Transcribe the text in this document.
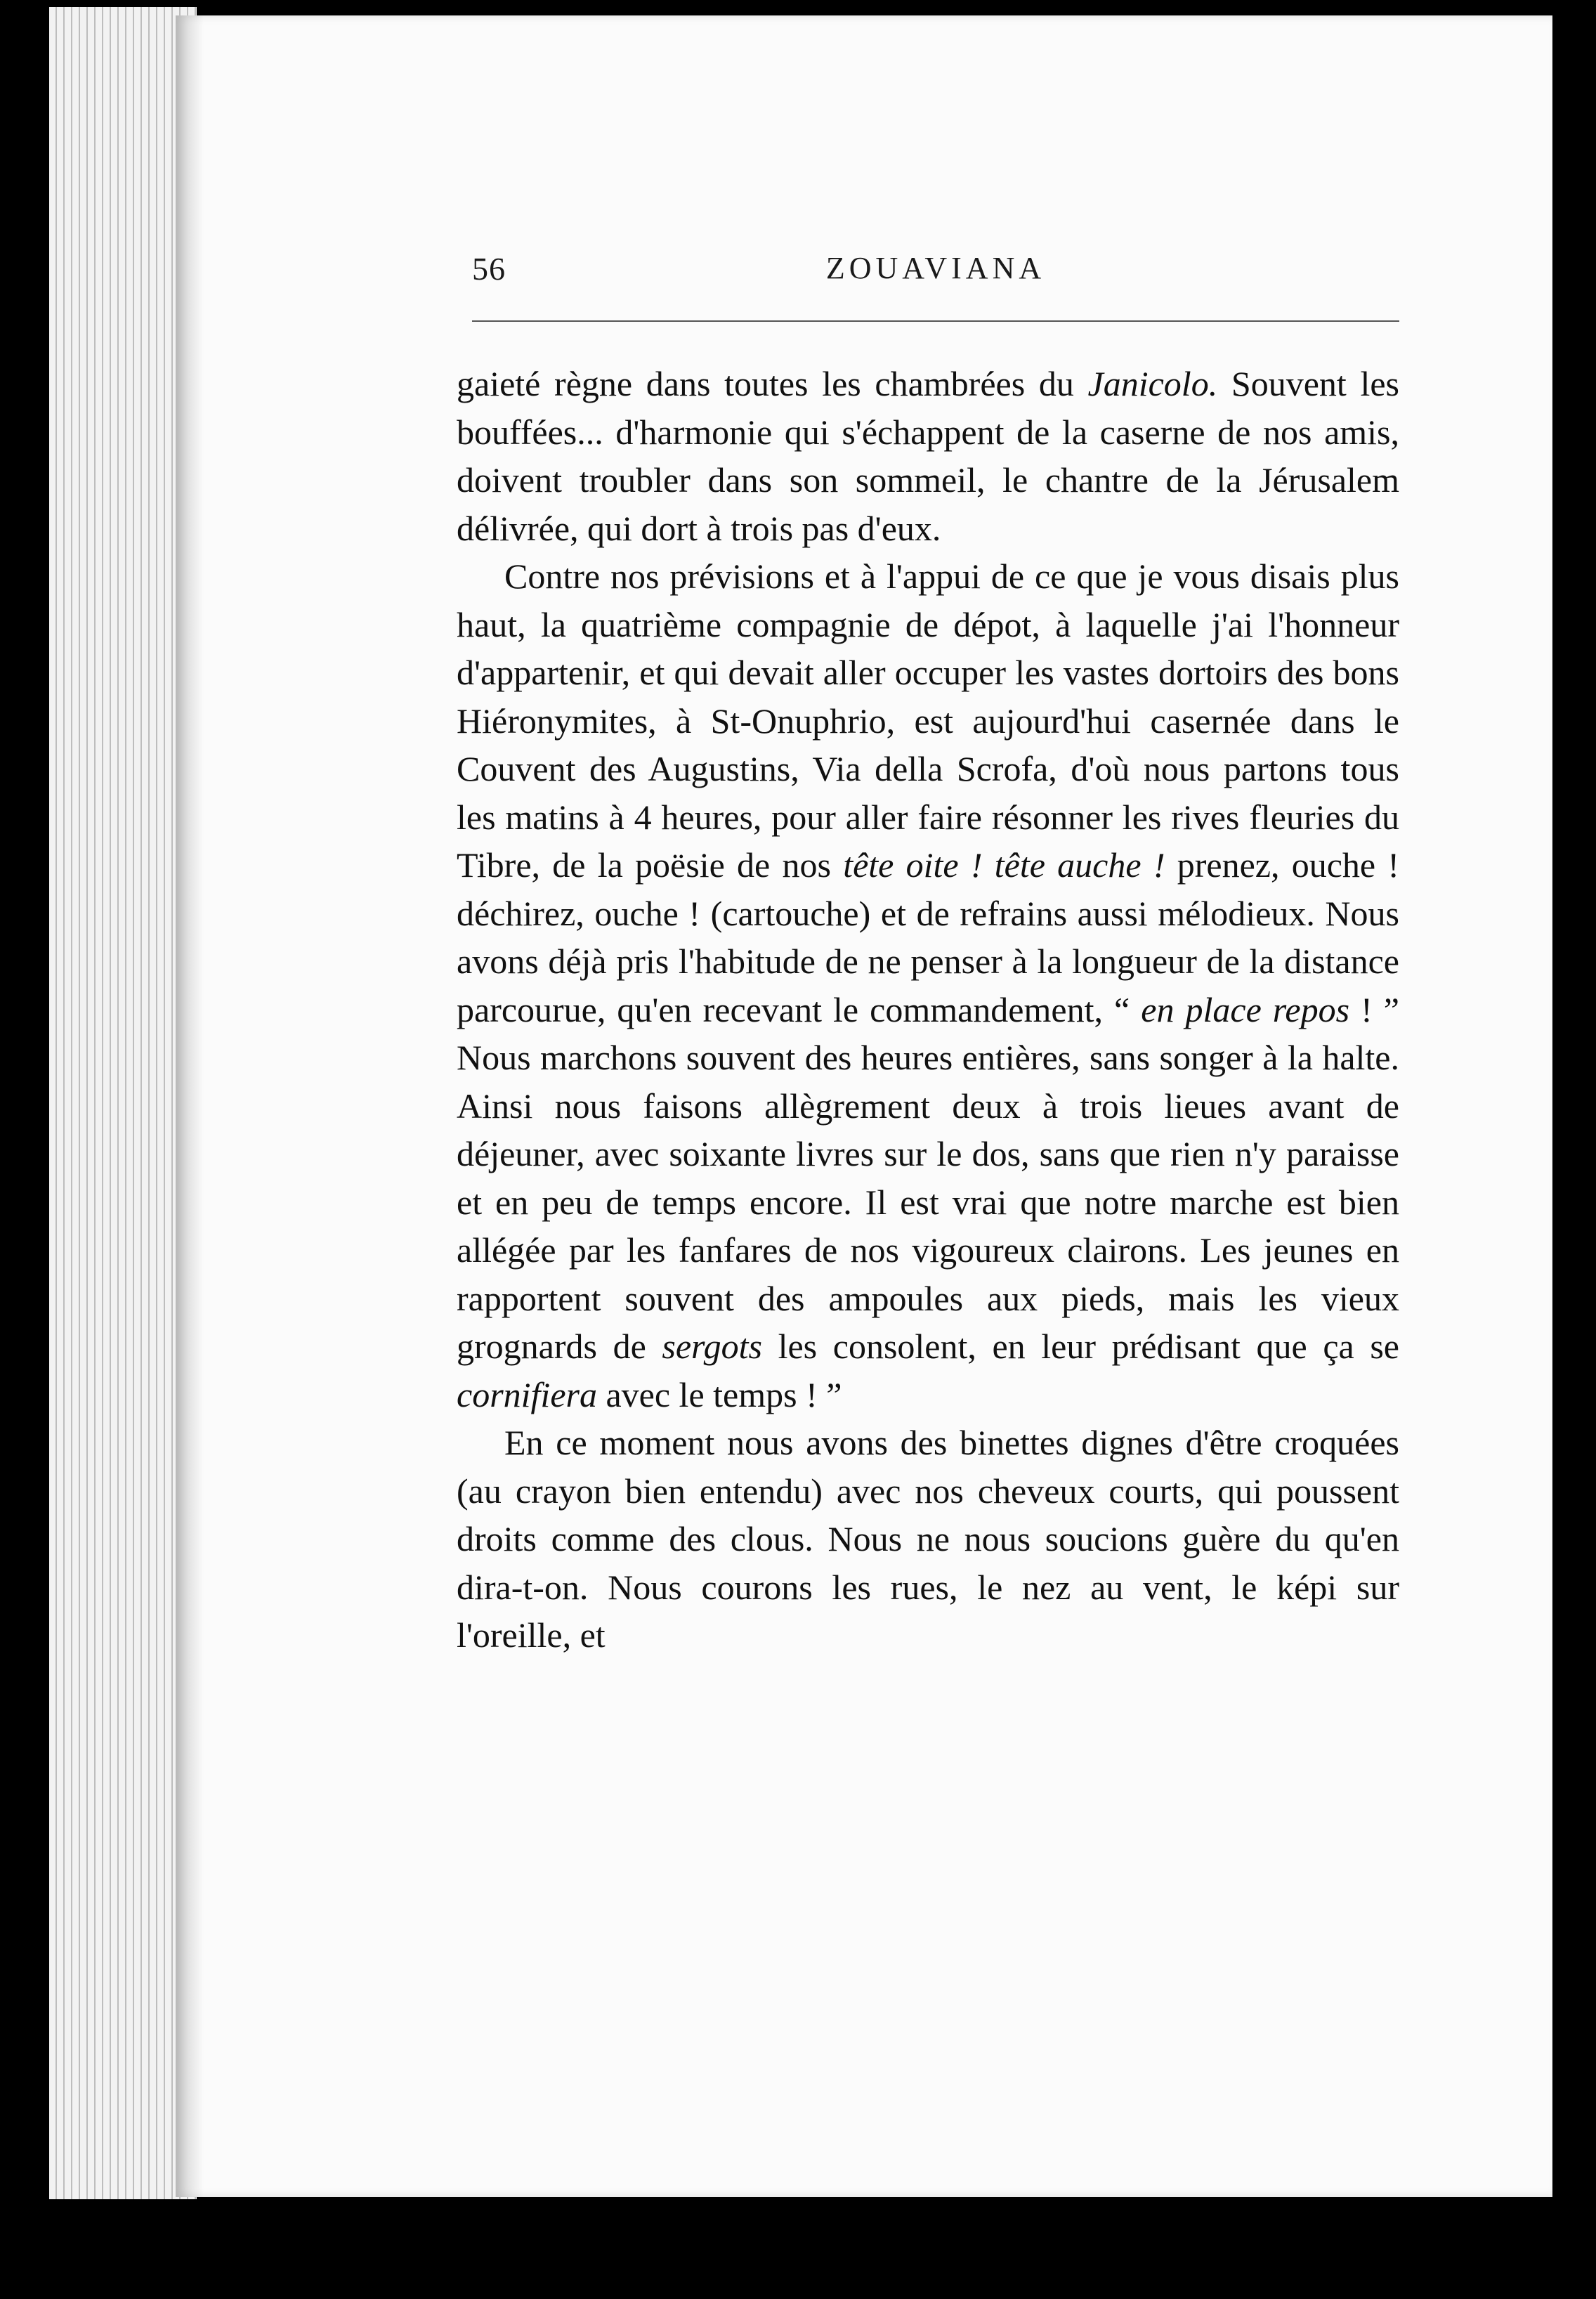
56	ZOUAVIANA

gaieté règne dans toutes les chambrées du Janicolo. Souvent les bouffées... d'harmonie qui s'échappent de la caserne de nos amis, doivent troubler dans son sommeil, le chantre de la Jérusalem délivrée, qui dort à trois pas d'eux.

Contre nos prévisions et à l'appui de ce que je vous disais plus haut, la quatrième compagnie de dépot, à laquelle j'ai l'honneur d'appartenir, et qui devait aller occuper les vastes dortoirs des bons Hiéronymites, à St-Onuphrio, est aujourd'hui casernée dans le Couvent des Augustins, Via della Scrofa, d'où nous partons tous les matins à 4 heures, pour aller faire résonner les rives fleuries du Tibre, de la poësie de nos tête oite ! tête auche ! prenez, ouche ! déchirez, ouche ! (cartouche) et de refrains aussi mélodieux. Nous avons déjà pris l'habitude de ne penser à la longueur de la distance parcourue, qu'en recevant le commandement, “ en place repos ! ” Nous marchons souvent des heures entières, sans songer à la halte. Ainsi nous faisons allègrement deux à trois lieues avant de déjeuner, avec soixante livres sur le dos, sans que rien n'y paraisse et en peu de temps encore. Il est vrai que notre marche est bien allégée par les fanfares de nos vigoureux clairons. Les jeunes en rapportent souvent des ampoules aux pieds, mais les vieux grognards de sergots les consolent, en leur prédisant que ça se cornifiera avec le temps ! ”

En ce moment nous avons des binettes dignes d'être croquées (au crayon bien entendu) avec nos cheveux courts, qui poussent droits comme des clous. Nous ne nous soucions guère du qu'en dira-t-on. Nous courons les rues, le nez au vent, le képi sur l'oreille, et
